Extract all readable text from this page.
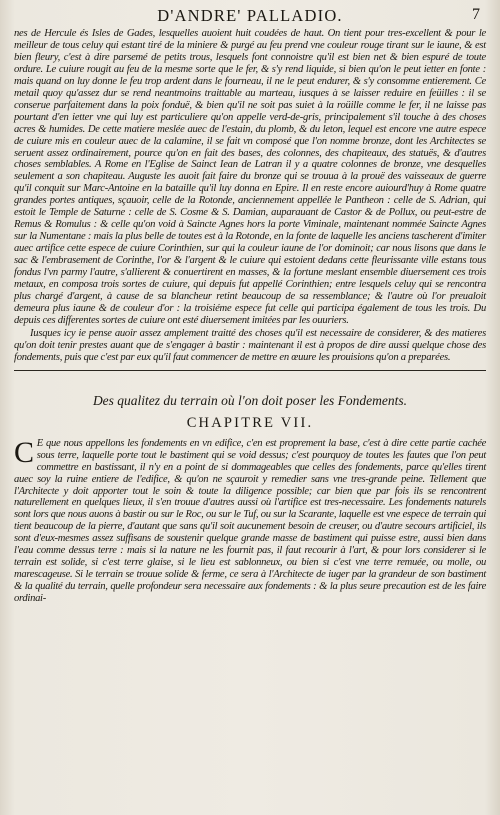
D'ANDRE' PALLADIO.	7

nes de Hercule és Isles de Gades, lesquelles auoient huit coudées de haut. On tient pour tres-excellent & pour le meilleur de tous celuy qui estant tiré de la miniere & purgé au feu prend vne couleur rouge tirant sur le iaune, & est bien fleury, c'est à dire parsemé de petits trous, lesquels font connoistre qu'il est bien net & bien espuré de toute ordure. Le cuiure rougit au feu de la mesme sorte que le fer, & s'y rend liquide, si bien qu'on le peut ietter en fonte : mais quand on luy donne le feu trop ardent dans le fourneau, il ne le peut endurer, & s'y consomme entierement. Ce metail quoy qu'assez dur se rend neantmoins traittable au marteau, iusques à se laisser reduire en feüilles : il se conserue parfaitement dans la poix fonduë, & bien qu'il ne soit pas suiet à la roüille comme le fer, il ne laisse pas pourtant d'en ietter vne qui luy est particuliere qu'on appelle verd-de-gris, principalement s'il touche à des choses acres & humides. De cette matiere meslée auec de l'estain, du plomb, & du leton, lequel est encore vne autre espece de cuiure mis en couleur auec de la calamine, il se fait vn composé que l'on nomme bronze, dont les Architectes se seruent assez ordinairement, pource qu'on en fait des bases, des colonnes, des chapiteaux, des statuës, & d'autres choses semblables. A Rome en l'Eglise de Sainct Iean de Latran il y a quatre colonnes de bronze, vne desquelles seulement a son chapiteau. Auguste les auoit fait faire du bronze qui se trouua à la prouë des vaisseaux de guerre qu'il conquit sur Marc-Antoine en la bataille qu'il luy donna en Epire. Il en reste encore auiourd'huy à Rome quatre grandes portes antiques, sçauoir, celle de la Rotonde, anciennement appellée le Pantheon : celle de S. Adrian, qui estoit le Temple de Saturne : celle de S. Cosme & S. Damian, auparauant de Castor & de Pollux, ou peut-estre de Remus & Romulus : & celle qu'on void à Saincte Agnes hors la porte Viminale, maintenant nommée Saincte Agnes sur la Numentane : mais la plus belle de toutes est à la Rotonde, en la fonte de laquelle les anciens tascherent d'imiter auec artifice cette espece de cuiure Corinthien, sur qui la couleur iaune de l'or dominoit; car nous lisons que dans le sac & l'embrasement de Corinthe, l'or & l'argent & le cuiure qui estoient dedans cette fleurissante ville estans tous fondus l'vn parmy l'autre, s'allierent & conuertirent en masses, & la fortune meslant ensemble diuersement ces trois metaux, en composa trois sortes de cuiure, qui depuis fut appellé Corinthien; entre lesquels celuy qui se rencontra plus chargé d'argent, à cause de sa blancheur retint beaucoup de sa ressemblance; & l'autre où l'or preualoit demeura plus iaune & de couleur d'or : la troisiéme espece fut celle qui participa également de tous les trois. Du depuis ces differentes sortes de cuiure ont esté diuersement imitées par les ouuriers.

Iusques icy ie pense auoir assez amplement traitté des choses qu'il est necessaire de considerer, & des matieres qu'on doit tenir prestes auant que de s'engager à bastir : maintenant il est à propos de dire aussi quelque chose des fondements, puis que c'est par eux qu'il faut commencer de mettre en œuure les prouisions qu'on a preparées.

Des qualitez du terrain où l'on doit poser les Fondements.
CHAPITRE VII.

C E que nous appellons les fondements en vn edifice, c'en est proprement la base, c'est à dire cette partie cachée sous terre, laquelle porte tout le bastiment qui se void dessus; c'est pourquoy de toutes les fautes que l'on peut commettre en bastissant, il n'y en a point de si dommageables que celles des fondements, parce qu'elles tirent auec soy la ruine entiere de l'edifice, & qu'on ne sçauroit y remedier sans vne tres-grande peine. Tellement que l'Architecte y doit apporter tout le soin & toute la diligence possible; car bien que par fois ils se rencontrent naturellement en quelques lieux, il s'en trouue d'autres aussi où l'artifice est tres-necessaire. Les fondements naturels sont lors que nous auons à bastir ou sur le Roc, ou sur le Tuf, ou sur la Scarante, laquelle est vne espece de terrain qui tient beaucoup de la pierre, d'autant que sans qu'il soit aucunement besoin de creuser, ou d'autre secours artificiel, ils sont d'eux-mesmes assez suffisans de soustenir quelque grande masse de bastiment qui puisse estre, aussi bien dans l'eau comme dessus terre : mais si la nature ne les fournit pas, il faut recourir à l'art, & pour lors considerer si le terrain est solide, si c'est terre glaise, si le lieu est sablonneux, ou bien si c'est vne terre remuée, ou molle, ou marescageuse. Si le terrain se trouue solide & ferme, ce sera à l'Architecte de iuger par la grandeur de son bastiment & la qualité du terrain, quelle profondeur sera necessaire aux fondements : & la plus seure precaution est de les faire ordinai-
